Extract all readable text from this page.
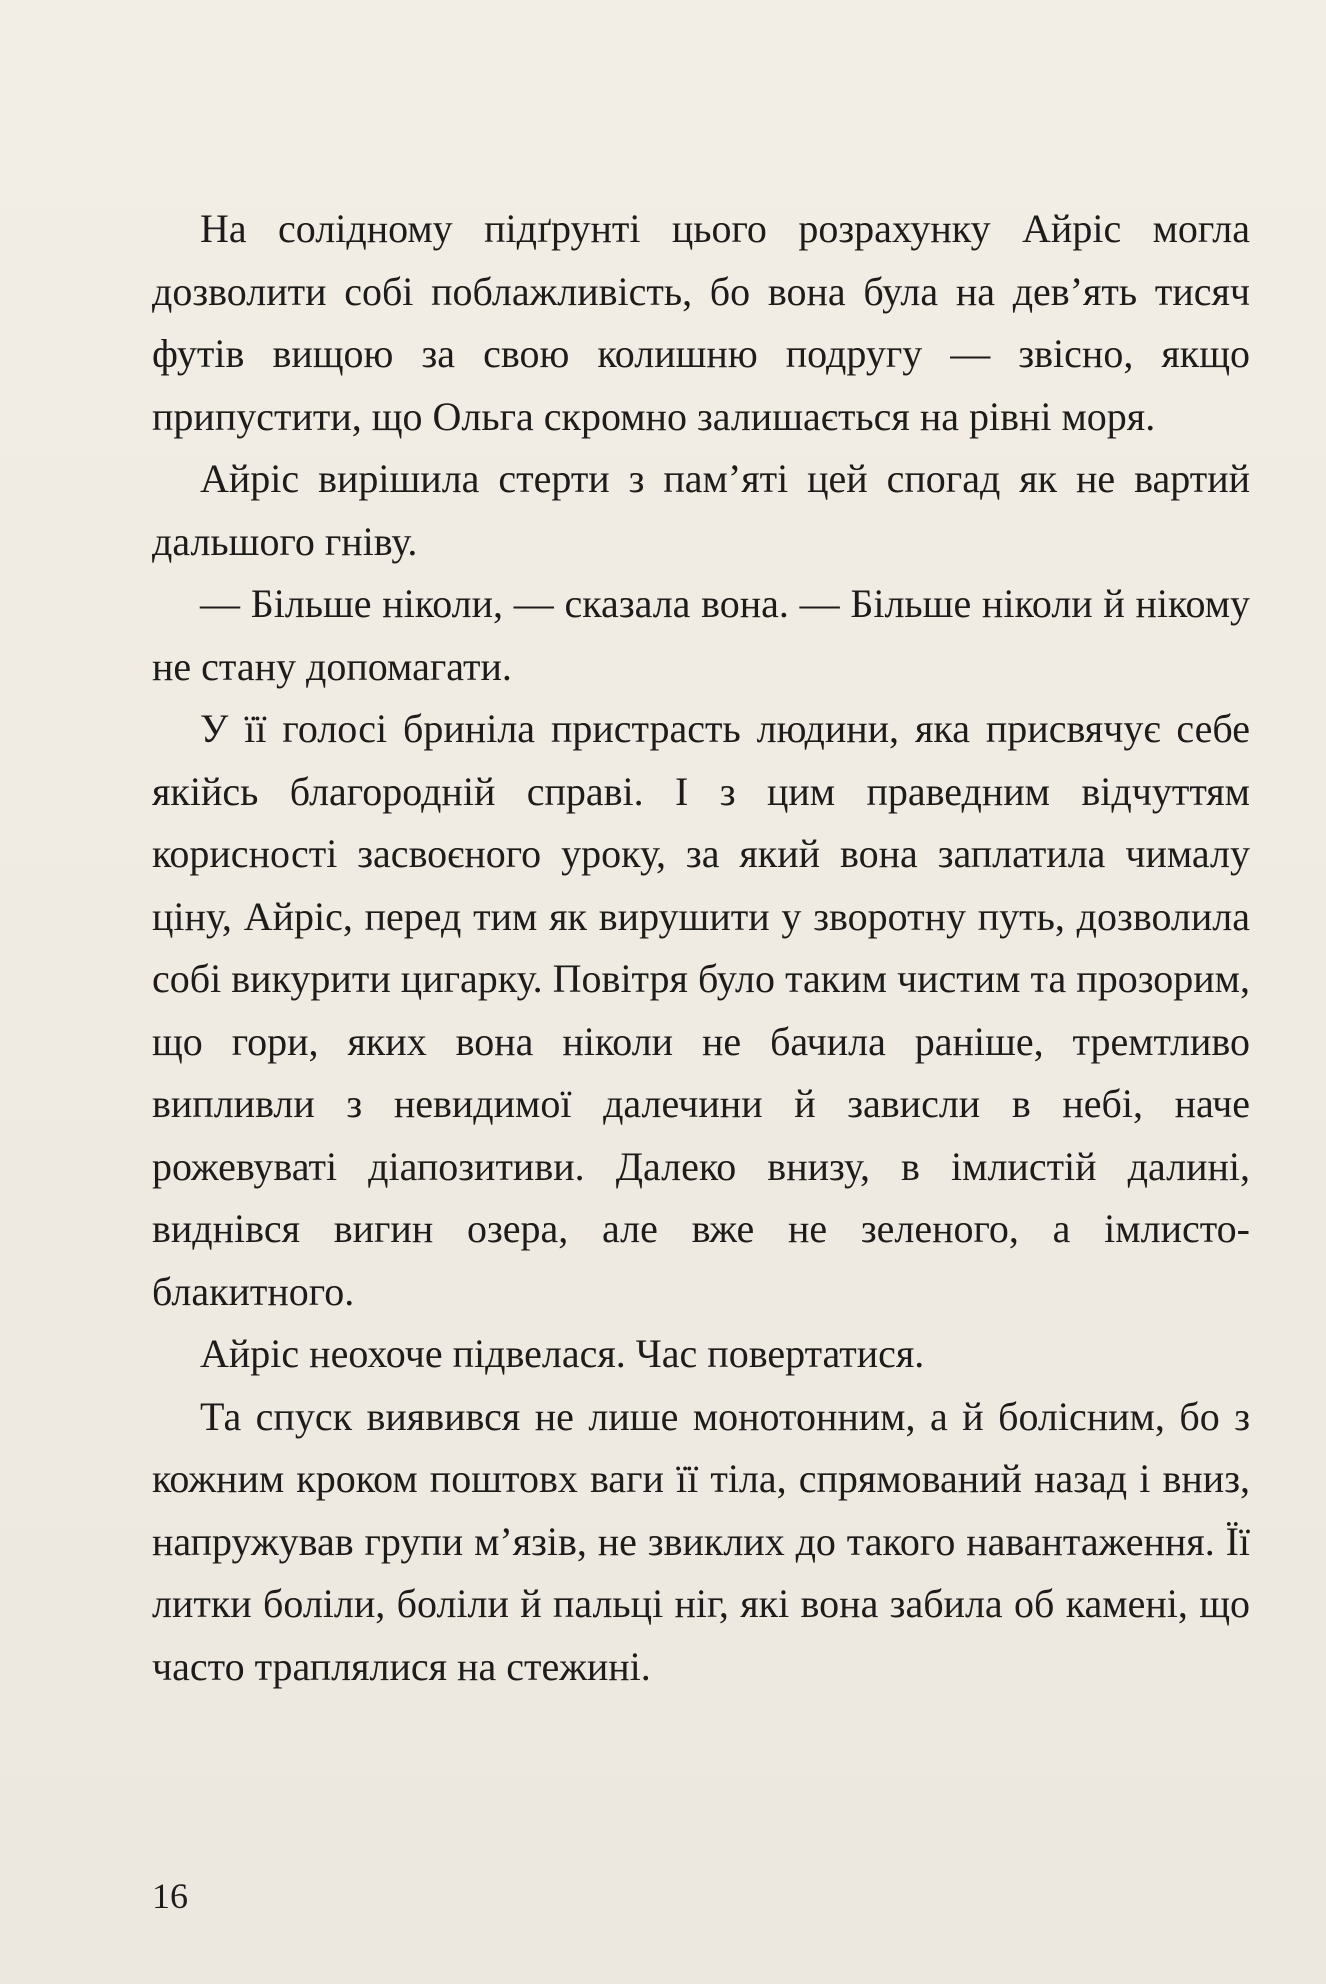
На солідному підґрунті цього розрахунку Айріс могла дозволити собі поблажливість, бо вона була на дев’ять тисяч футів вищою за свою колишню подругу — звісно, якщо припустити, що Ольга скромно залишається на рівні моря.

Айріс вирішила стерти з пам’яті цей спогад як не вартий дальшого гніву.

— Більше ніколи, — сказала вона. — Більше ніколи й нікому не стану допомагати.

У її голосі бриніла пристрасть людини, яка присвячує себе якійсь благородній справі. І з цим праведним відчуттям корисності засвоєного уроку, за який вона заплатила чималу ціну, Айріс, перед тим як вирушити у зворотну путь, дозволила собі викурити цигарку. Повітря було таким чистим та прозорим, що гори, яких вона ніколи не бачила раніше, тремтливо випливли з невидимої далечини й зависли в небі, наче рожевуваті діапозитиви. Далеко внизу, в імлистій далині, виднівся вигин озера, але вже не зеленого, а імлисто-блакитного.

Айріс неохоче підвелася. Час повертатися.

Та спуск виявився не лише монотонним, а й болісним, бо з кожним кроком поштовх ваги її тіла, спрямований назад і вниз, напружував групи м’язів, не звиклих до такого навантаження. Її литки боліли, боліли й пальці ніг, які вона забила об камені, що часто траплялися на стежині.

16
